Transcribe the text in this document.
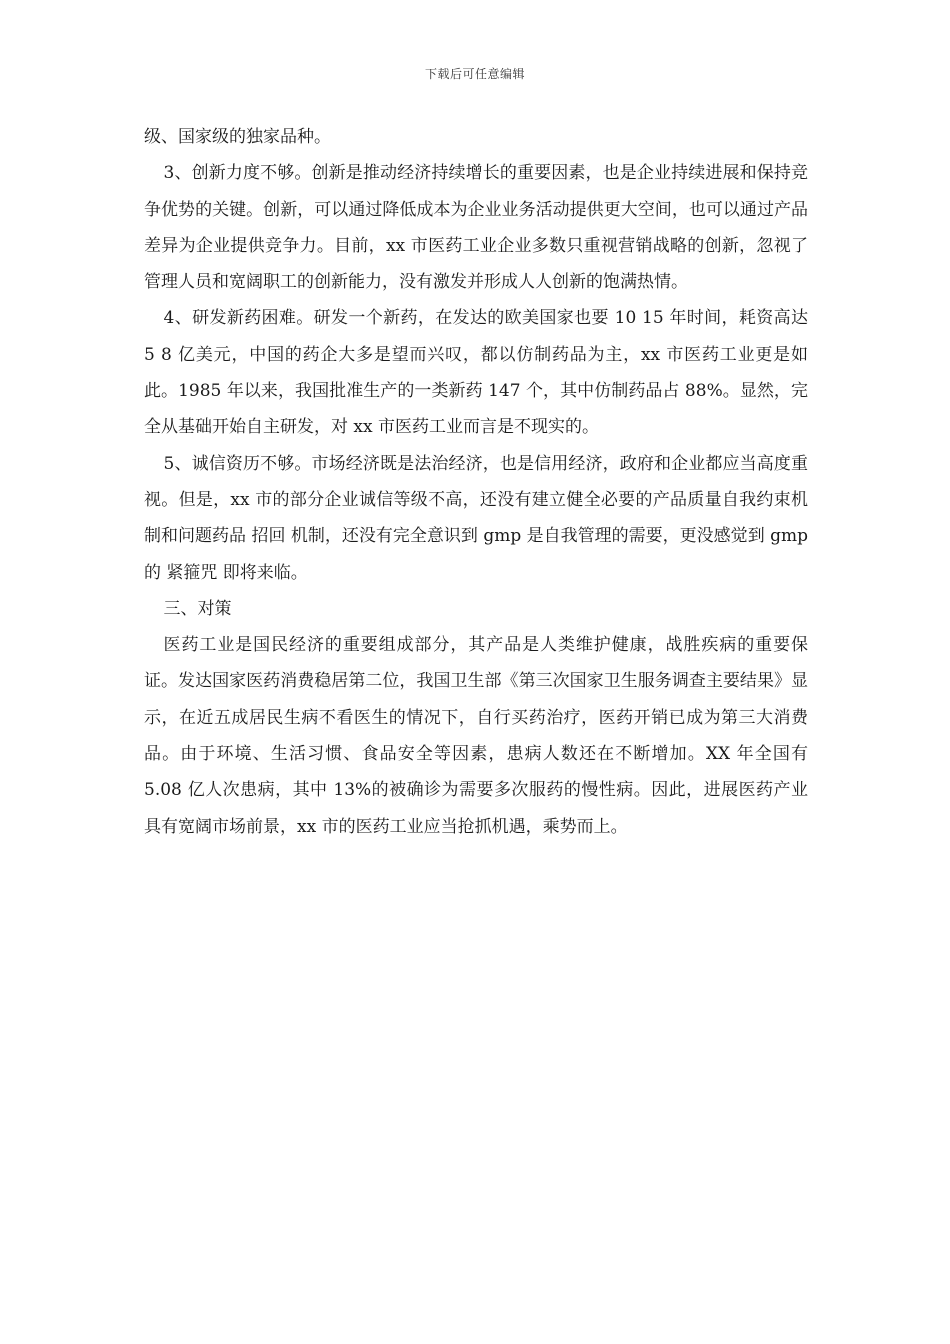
下载后可任意编辑

级、国家级的独家品种。

3、创新力度不够。创新是推动经济持续增长的重要因素，也是企业持续进展和保持竞争优势的关键。创新，可以通过降低成本为企业业务活动提供更大空间，也可以通过产品差异为企业提供竞争力。目前，xx 市医药工业企业多数只重视营销战略的创新，忽视了管理人员和宽阔职工的创新能力，没有激发并形成人人创新的饱满热情。

4、研发新药困难。研发一个新药，在发达的欧美国家也要 10 15 年时间，耗资高达 5 8 亿美元，中国的药企大多是望而兴叹，都以仿制药品为主，xx 市医药工业更是如此。1985 年以来，我国批准生产的一类新药 147 个，其中仿制药品占 88%。显然，完全从基础开始自主研发，对 xx 市医药工业而言是不现实的。

5、诚信资历不够。市场经济既是法治经济，也是信用经济，政府和企业都应当高度重视。但是，xx 市的部分企业诚信等级不高，还没有建立健全必要的产品质量自我约束机制和问题药品 招回 机制，还没有完全意识到 gmp 是自我管理的需要，更没感觉到 gmp 的 紧箍咒 即将来临。

三、对策

医药工业是国民经济的重要组成部分，其产品是人类维护健康，战胜疾病的重要保证。发达国家医药消费稳居第二位，我国卫生部《第三次国家卫生服务调查主要结果》显示，在近五成居民生病不看医生的情况下，自行买药治疗，医药开销已成为第三大消费品。由于环境、生活习惯、食品安全等因素，患病人数还在不断增加。XX 年全国有 5.08 亿人次患病，其中 13%的被确诊为需要多次服药的慢性病。因此，进展医药产业具有宽阔市场前景，xx 市的医药工业应当抢抓机遇，乘势而上。
